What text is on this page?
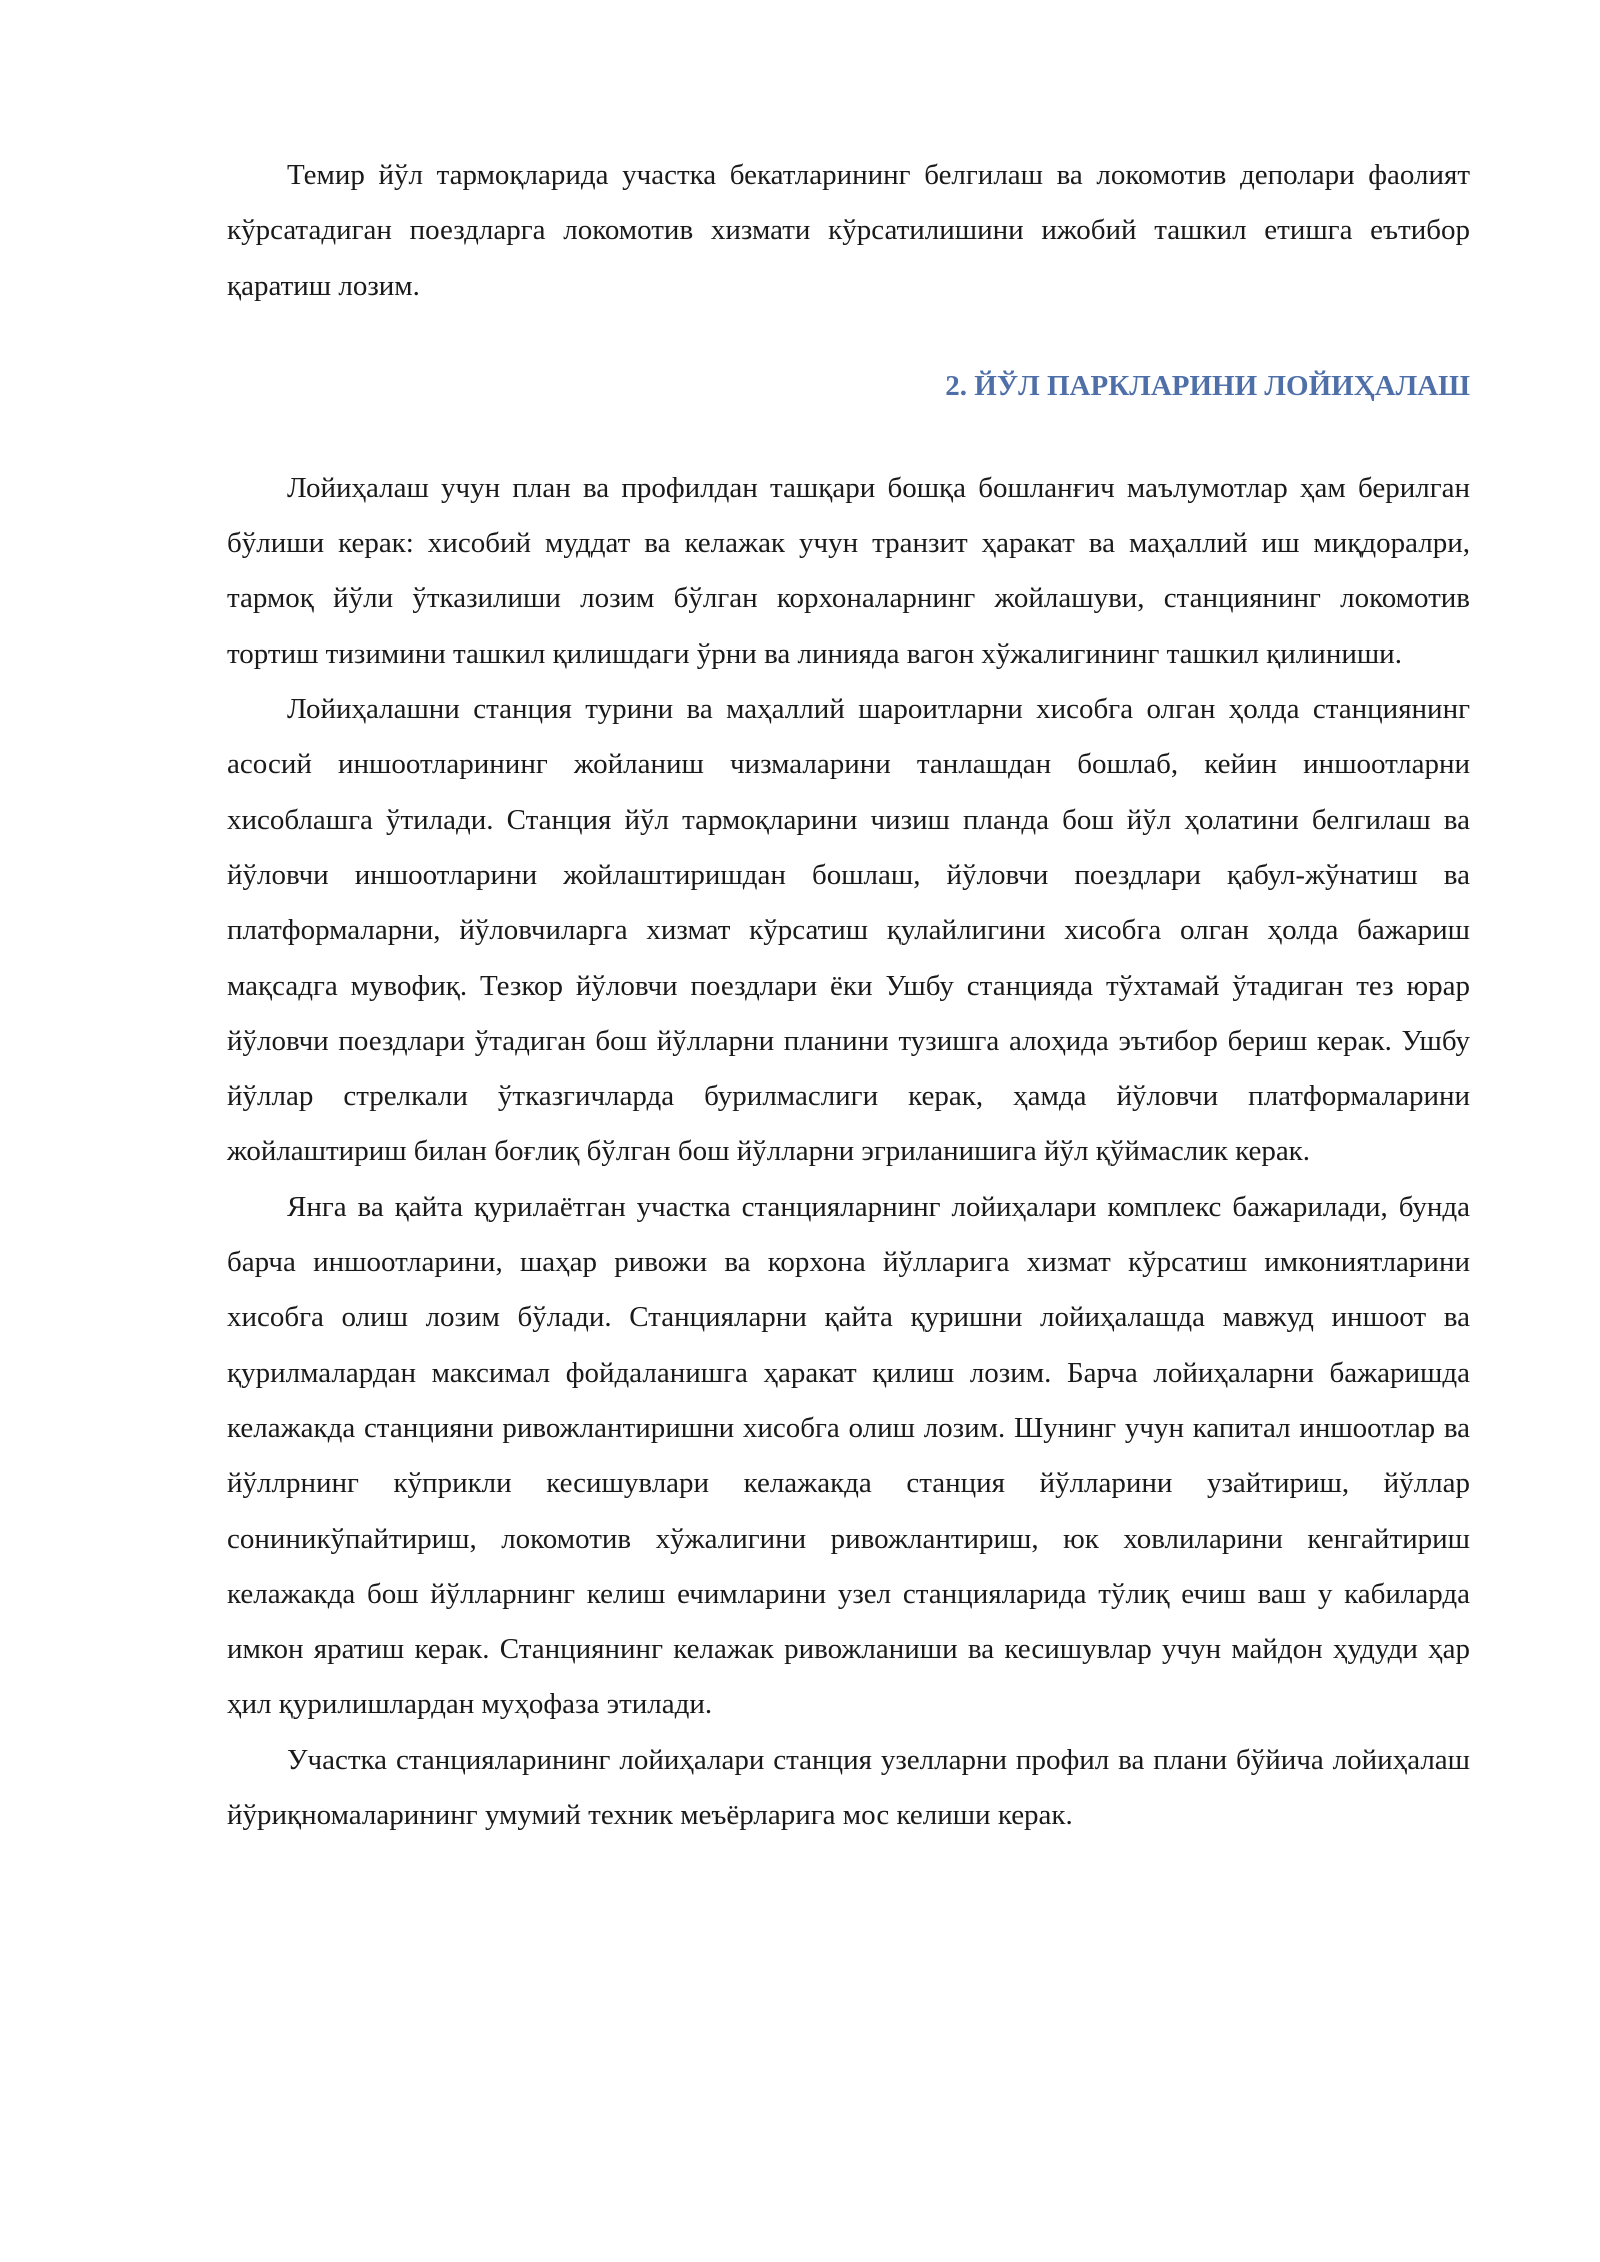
Темир йўл тармоқларида участка бекатларининг белгилаш ва локомотив деполари фаолият кўрсатадиган поездларга локомотив хизмати кўрсатилишини ижобий ташкил етишга еътибор қаратиш лозим.

2. ЙЎЛ ПАРКЛАРИНИ ЛОЙИҲАЛАШ

Лойиҳалаш учун план ва профилдан ташқари бошқа бошланғич маълумотлар ҳам берилган бўлиши керак: хисобий муддат ва келажак учун транзит ҳаракат ва маҳаллий иш миқдоралри, тармоқ йўли ўтказилиши лозим бўлган корхоналарнинг жойлашуви, станциянинг локомотив тортиш тизимини ташкил қилишдаги ўрни ва линияда вагон хўжалигининг ташкил қилиниши.

Лойиҳалашни станция турини ва маҳаллий шароитларни хисобга олган ҳолда станциянинг асосий иншоотларининг жойланиш чизмаларини танлашдан бошлаб, кейин иншоотларни хисоблашга ўтилади. Станция йўл тармоқларини чизиш планда бош йўл ҳолатини белгилаш ва йўловчи иншоотларини жойлаштиришдан бошлаш, йўловчи поездлари қабул-жўнатиш ва платформаларни, йўловчиларга хизмат кўрсатиш қулайлигини хисобга олган ҳолда бажариш мақсадга мувофиқ. Тезкор йўловчи поездлари ёки Ушбу станцияда тўхтамай ўтадиган тез юрар йўловчи поездлари ўтадиган бош йўлларни планини тузишга алоҳида эътибор бериш керак. Ушбу йўллар стрелкали ўтказгичларда бурилмаслиги керак, ҳамда йўловчи платформаларини жойлаштириш билан боғлиқ бўлган бош йўлларни эгриланишига йўл қўймаслик керак.

Янга ва қайта қурилаётган участка станцияларнинг лойиҳалари комплекс бажарилади, бунда барча иншоотларини, шаҳар ривожи ва корхона йўлларига хизмат кўрсатиш имкониятларини хисобга олиш лозим бўлади. Станцияларни қайта қуришни лойиҳалашда мавжуд иншоот ва қурилмалардан максимал фойдаланишга ҳаракат қилиш лозим. Барча лойиҳаларни бажаришда келажакда станцияни ривожлантиришни хисобга олиш лозим. Шунинг учун капитал иншоотлар ва йўллрнинг кўприкли кесишувлари келажакда станция йўлларини узайтириш, йўллар сониникўпайтириш, локомотив хўжалигини ривожлантириш, юк ховлиларини кенгайтириш келажакда бош йўлларнинг келиш ечимларини узел станцияларида тўлиқ ечиш ваш у кабиларда имкон яратиш керак. Станциянинг келажак ривожланиши ва кесишувлар учун майдон ҳудуди ҳар ҳил қурилишлардан муҳофаза этилади.

Участка станцияларининг лойиҳалари станция узелларни профил ва плани бўйича лойиҳалаш йўриқномаларининг умумий техник меъёрларига мос келиши керак.
